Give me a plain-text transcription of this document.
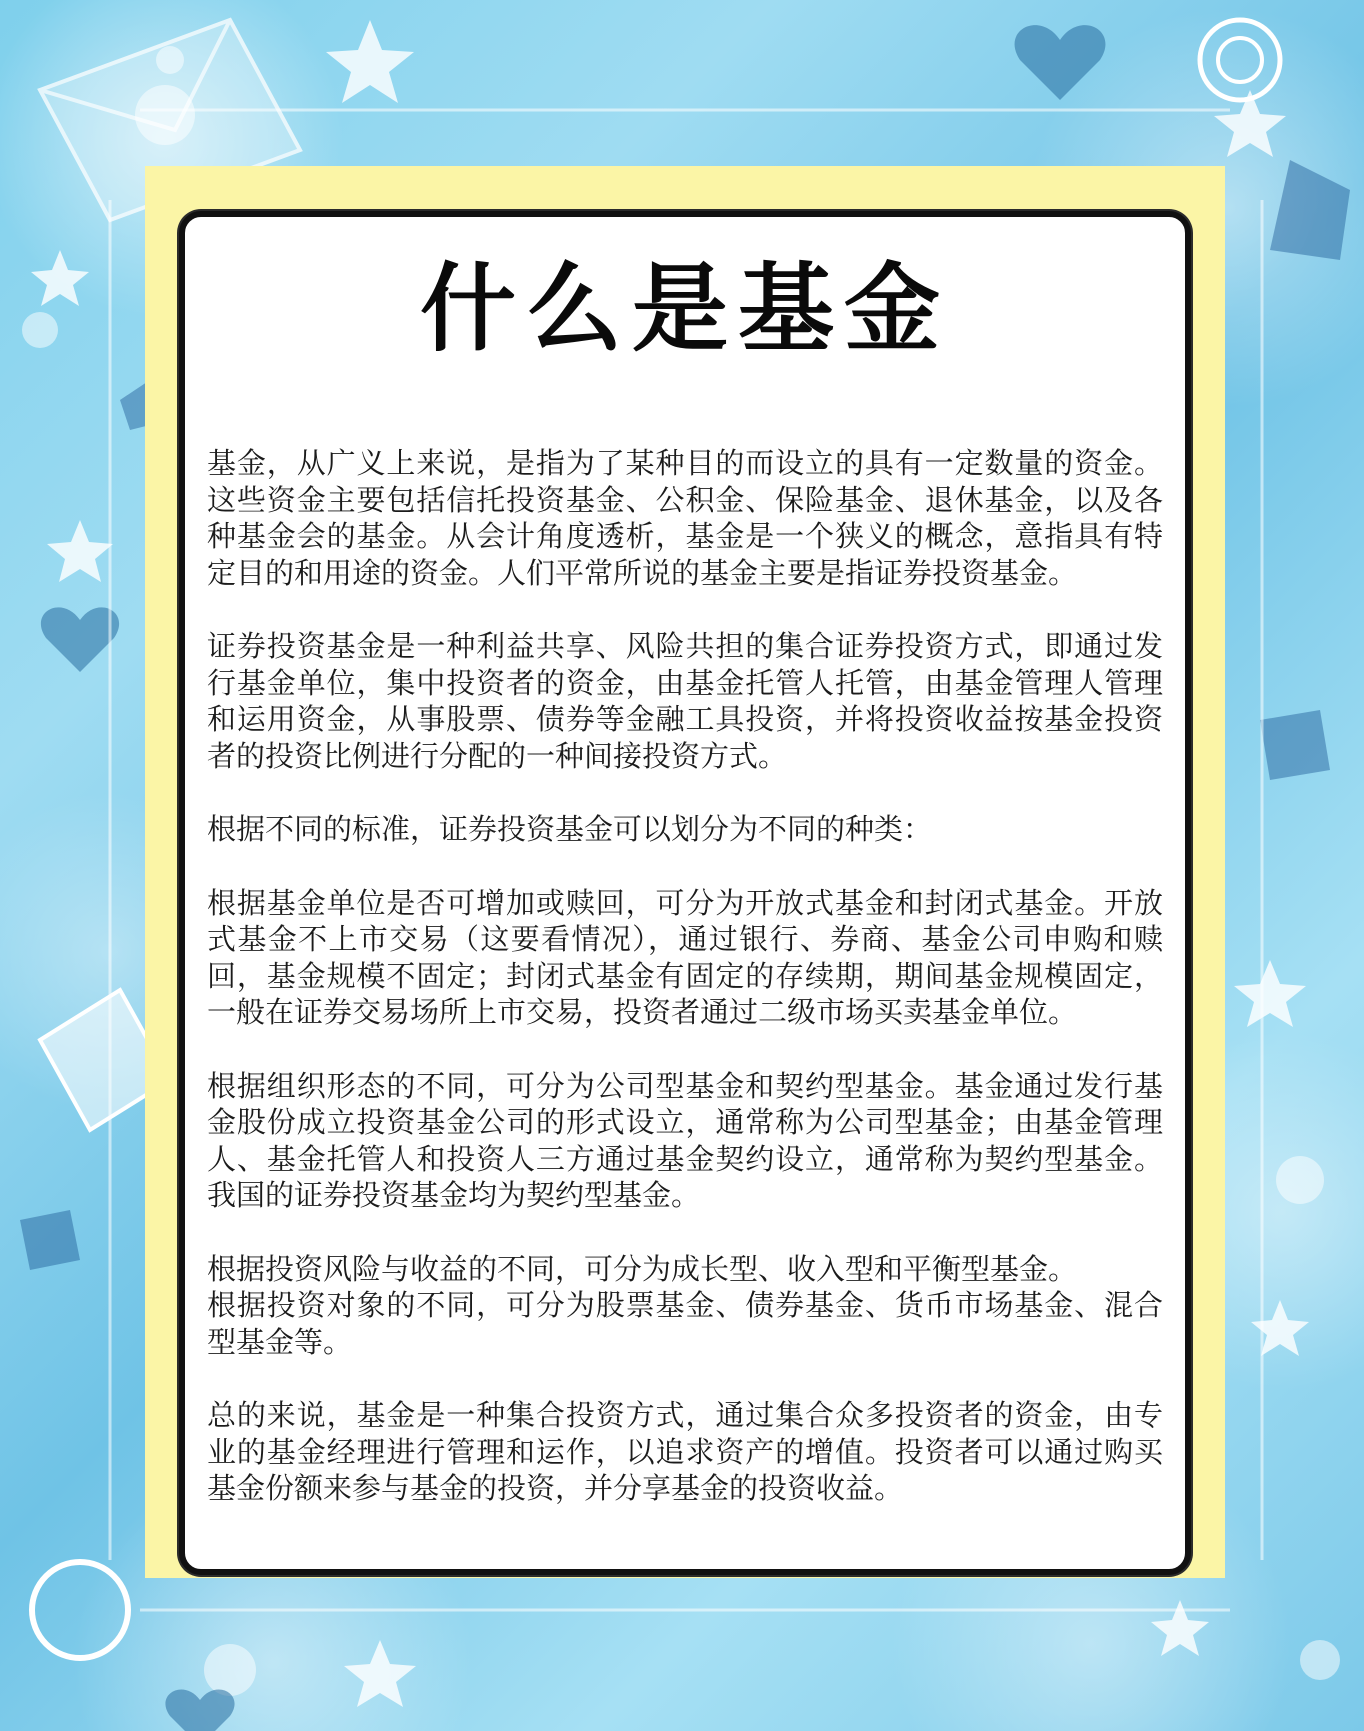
什么是基金

基金，从广义上来说，是指为了某种目的而设立的具有一定数量的资金。这些资金主要包括信托投资基金、公积金、保险基金、退休基金，以及各种基金会的基金。从会计角度透析，基金是一个狭义的概念，意指具有特定目的和用途的资金。人们平常所说的基金主要是指证券投资基金。

证券投资基金是一种利益共享、风险共担的集合证券投资方式，即通过发行基金单位，集中投资者的资金，由基金托管人托管，由基金管理人管理和运用资金，从事股票、债券等金融工具投资，并将投资收益按基金投资者的投资比例进行分配的一种间接投资方式。

根据不同的标准，证券投资基金可以划分为不同的种类：

根据基金单位是否可增加或赎回，可分为开放式基金和封闭式基金。开放式基金不上市交易（这要看情况），通过银行、券商、基金公司申购和赎回，基金规模不固定；封闭式基金有固定的存续期，期间基金规模固定，一般在证券交易场所上市交易，投资者通过二级市场买卖基金单位。

根据组织形态的不同，可分为公司型基金和契约型基金。基金通过发行基金股份成立投资基金公司的形式设立，通常称为公司型基金；由基金管理人、基金托管人和投资人三方通过基金契约设立，通常称为契约型基金。我国的证券投资基金均为契约型基金。

根据投资风险与收益的不同，可分为成长型、收入型和平衡型基金。
根据投资对象的不同，可分为股票基金、债券基金、货币市场基金、混合型基金等。

总的来说，基金是一种集合投资方式，通过集合众多投资者的资金，由专业的基金经理进行管理和运作，以追求资产的增值。投资者可以通过购买基金份额来参与基金的投资，并分享基金的投资收益。
